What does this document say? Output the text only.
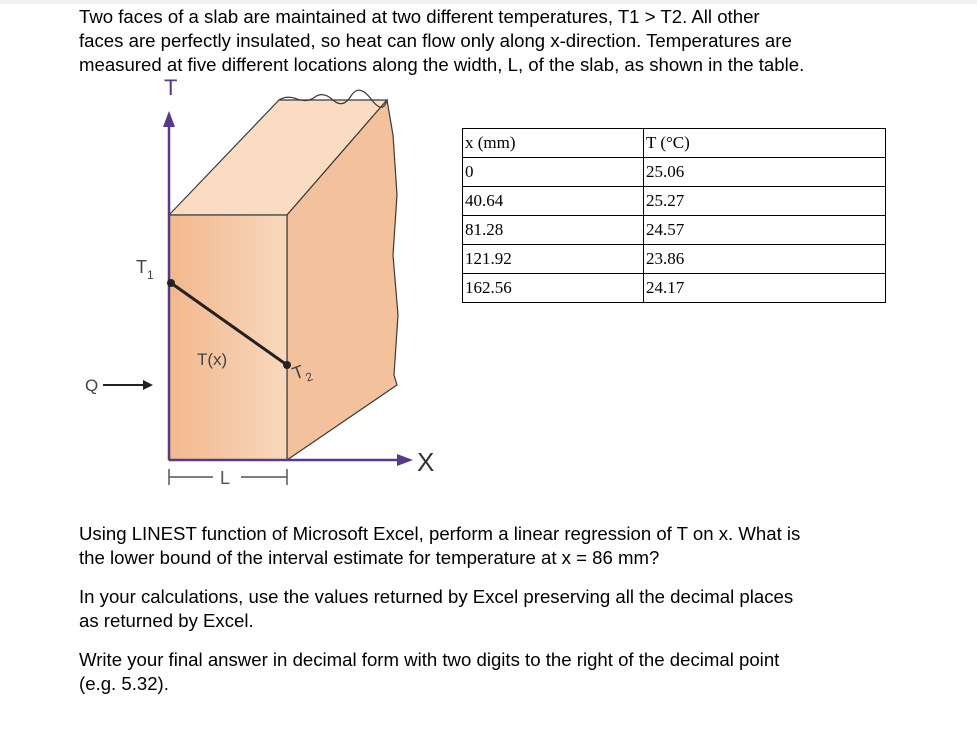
Two faces of a slab are maintained at two different temperatures, T1 > T2. All other
faces are perfectly insulated, so heat can flow only along x-direction. Temperatures are
measured at five different locations along the width, L, of the slab, as shown in the table.

T
X
$T_1$
$T_2$
T(x)
Q
L
x (mm)	T (°C)
0	25.06
40.64	25.27
81.28	24.57
121.92	23.86
162.56	24.17

Using LINEST function of Microsoft Excel, perform a linear regression of T on x. What is
the lower bound of the interval estimate for temperature at x = 86 mm?

In your calculations, use the values returned by Excel preserving all the decimal places
as returned by Excel.

Write your final answer in decimal form with two digits to the right of the decimal point
(e.g. 5.32).
